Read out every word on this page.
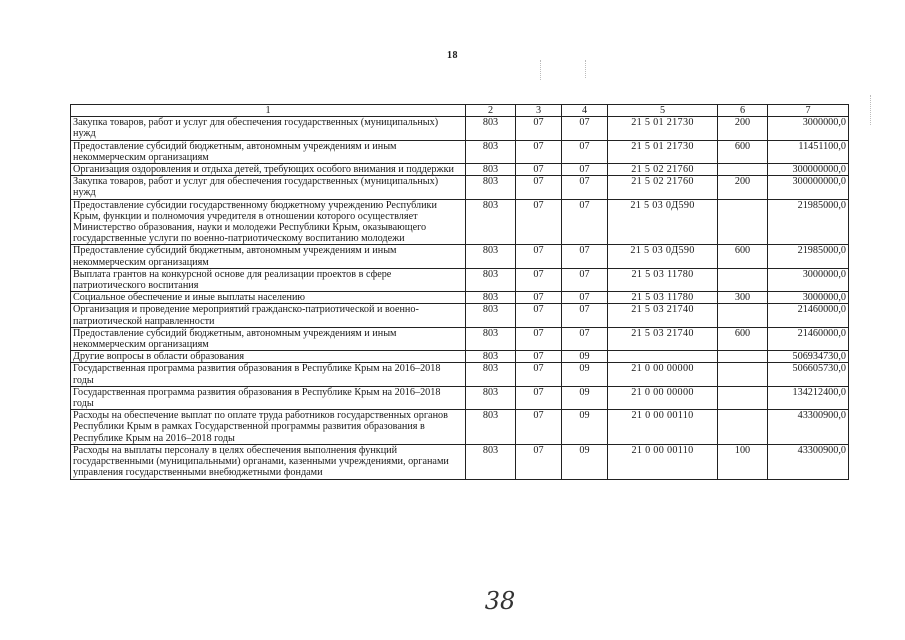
18
1	2	3	4	5	6	7
Закупка товаров, работ и услуг для обеспечения государственных (муниципальных) нужд	803	07	07	21 5 01 21730	200	3000000,0
Предоставление субсидий бюджетным, автономным учреждениям и иным некоммерческим организациям	803	07	07	21 5 01 21730	600	11451100,0
Организация оздоровления и отдыха детей, требующих особого внимания и поддержки	803	07	07	21 5 02 21760		300000000,0
Закупка товаров, работ и услуг для обеспечения государственных (муниципальных) нужд	803	07	07	21 5 02 21760	200	300000000,0
Предоставление субсидии государственному бюджетному учреждению Республики Крым, функции и полномочия учредителя в отношении которого осуществляет Министерство образования, науки и молодежи Республики Крым, оказывающего государственные услуги по военно-патриотическому воспитанию молодежи	803	07	07	21 5 03 0Д590		21985000,0
Предоставление субсидий бюджетным, автономным учреждениям и иным некоммерческим организациям	803	07	07	21 5 03 0Д590	600	21985000,0
Выплата грантов на конкурсной основе для реализации проектов в сфере патриотического воспитания	803	07	07	21 5 03 11780		3000000,0
Социальное обеспечение и иные выплаты населению	803	07	07	21 5 03 11780	300	3000000,0
Организация и проведение мероприятий гражданско-патриотической и военно-патриотической направленности	803	07	07	21 5 03 21740		21460000,0
Предоставление субсидий бюджетным, автономным учреждениям и иным некоммерческим организациям	803	07	07	21 5 03 21740	600	21460000,0
Другие вопросы в области образования	803	07	09			506934730,0
Государственная программа развития образования в Республике Крым на 2016–2018 годы	803	07	09	21 0 00 00000		506605730,0
Государственная программа развития образования в Республике Крым на 2016–2018 годы	803	07	09	21 0 00 00000		134212400,0
Расходы на обеспечение выплат по оплате труда работников государственных органов Республики Крым в рамках Государственной программы развития образования в Республике Крым на 2016–2018 годы	803	07	09	21 0 00 00110		43300900,0
Расходы на выплаты персоналу в целях обеспечения выполнения функций государственными (муниципальными) органами, казенными учреждениями, органами управления государственными внебюджетными фондами	803	07	09	21 0 00 00110	100	43300900,0
38
